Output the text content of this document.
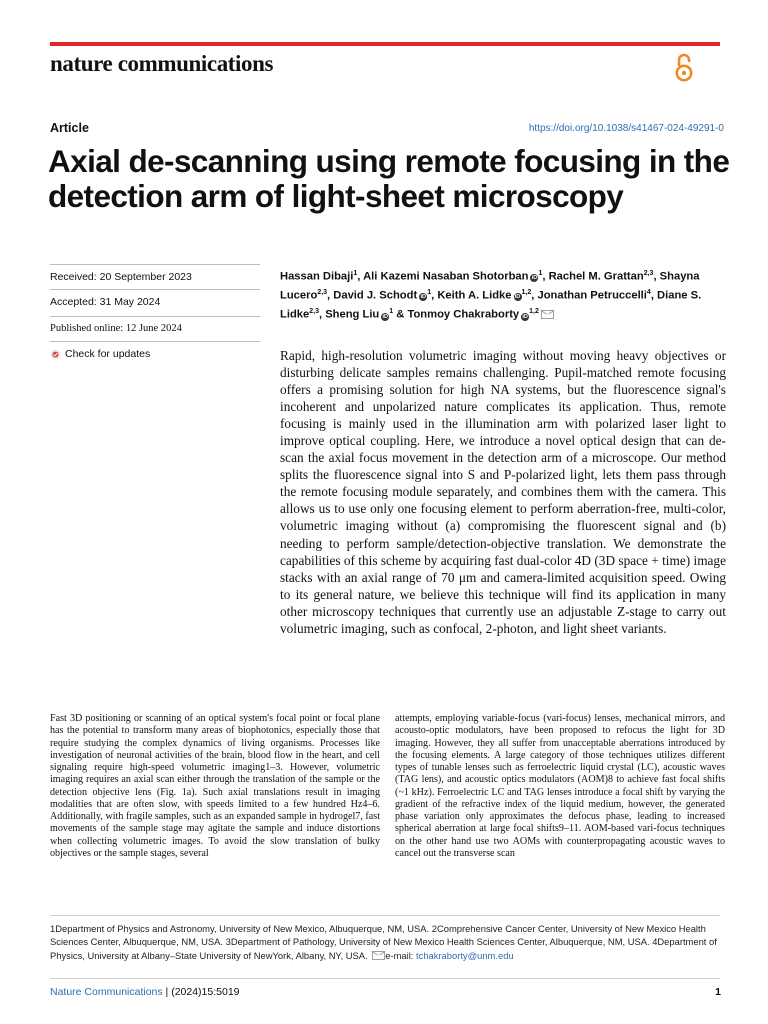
nature communications
Article	https://doi.org/10.1038/s41467-024-49291-0
Axial de-scanning using remote focusing in the detection arm of light-sheet microscopy
Received: 20 September 2023
Accepted: 31 May 2024
Published online: 12 June 2024
Check for updates

Hassan Dibaji$^1$, Ali Kazemi Nasaban Shotorban $iD^1$, Rachel M. Grattan$^{2,3}$, Shayna Lucero$^{2,3}$, David J. Schodt $iD^1$, Keith A. Lidke iD$^{1,2}$, Jonathan Petruccelli$^4$, Diane S. Lidke$^{2,3}$, Sheng Liu $iD^1$ & Tonmoy Chakraborty iD$^{1,2}$

Rapid, high-resolution volumetric imaging without moving heavy objectives or disturbing delicate samples remains challenging. Pupil-matched remote focusing offers a promising solution for high NA systems, but the fluorescence signal's incoherent and unpolarized nature complicates its application. Thus, remote focusing is mainly used in the illumination arm with polarized laser light to improve optical coupling. Here, we introduce a novel optical design that can de-scan the axial focus movement in the detection arm of a microscope. Our method splits the fluorescence signal into S and P-polarized light, lets them pass through the remote focusing module separately, and combines them with the camera. This allows us to use only one focusing element to perform aberration-free, multi-color, volumetric imaging without (a) compromising the fluorescent signal and (b) needing to perform sample/detection-objective translation. We demonstrate the capabilities of this scheme by acquiring fast dual-color 4D (3D space + time) image stacks with an axial range of 70 μm and camera-limited acquisition speed. Owing to its general nature, we believe this technique will find its application in many other microscopy techniques that currently use an adjustable Z-stage to carry out volumetric imaging, such as confocal, 2-photon, and light sheet variants.

Fast 3D positioning or scanning of an optical system's focal point or focal plane has the potential to transform many areas of biophotonics, especially those that require studying the complex dynamics of living organisms. Processes like investigation of neuronal activities of the brain, blood flow in the heart, and cell signaling require high-speed volumetric imaging1–3. However, volumetric imaging requires an axial scan either through the translation of the sample or the detection objective lens (Fig. 1a). Such axial translations result in imaging modalities that are often slow, with speeds limited to a few hundred Hz4–6. Additionally, with fragile samples, such as an expanded sample in hydrogel7, fast movements of the sample stage may agitate the sample and induce distortions when collecting volumetric images. To avoid the slow translation of bulky objectives or the sample stages, several

attempts, employing variable-focus (vari-focus) lenses, mechanical mirrors, and acousto-optic modulators, have been proposed to refocus the light for 3D imaging. However, they all suffer from unacceptable aberrations introduced by the focusing elements. A large category of those techniques utilizes different types of tunable lenses such as ferroelectric liquid crystal (LC), acoustic waves (TAG lens), and acoustic optics modulators (AOM)8 to achieve fast focal shifts (~1 kHz). Ferroelectric LC and TAG lenses introduce a focal shift by varying the gradient of the refractive index of the liquid medium, however, the generated phase variation only approximates the defocus phase, leading to increased spherical aberration at large focal shifts9–11. AOM-based vari-focus techniques on the other hand use two AOMs with counterpropagating acoustic waves to cancel out the transverse scan

1Department of Physics and Astronomy, University of New Mexico, Albuquerque, NM, USA. 2Comprehensive Cancer Center, University of New Mexico Health Sciences Center, Albuquerque, NM, USA. 3Department of Pathology, University of New Mexico Health Sciences Center, Albuquerque, NM, USA. 4Department of Physics, University at Albany–State University of NewYork, Albany, NY, USA. e-mail: tchakraborty@unm.edu

Nature Communications | (2024)15:5019	1
